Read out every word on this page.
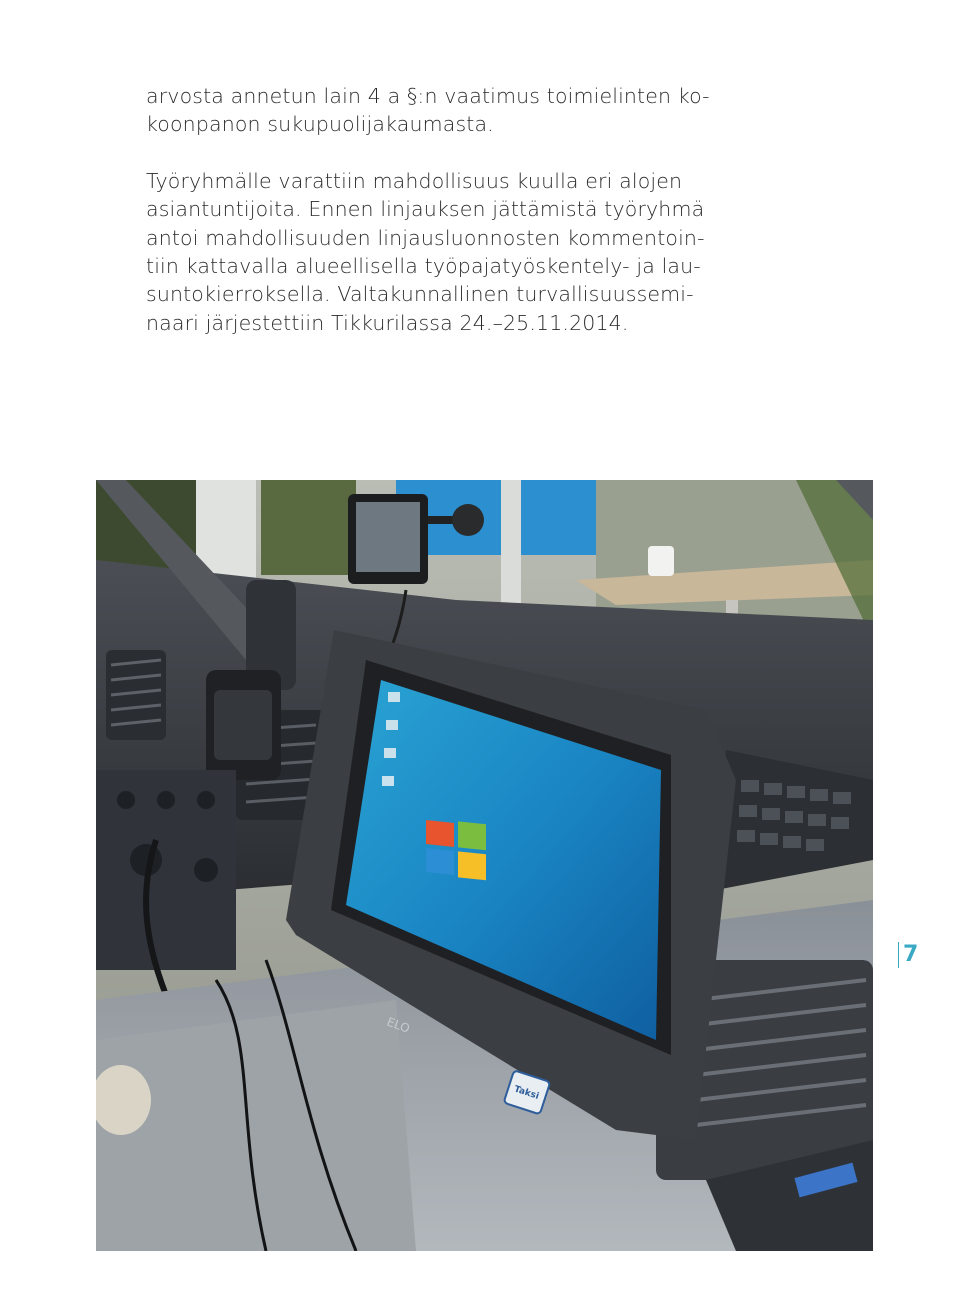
arvosta annetun lain 4 a §:n vaatimus toimielinten ko-

koonpanon sukupuolijakaumasta.

Työryhmälle varattiin mahdollisuus kuulla eri alojen

asiantuntijoita. Ennen linjauksen jättämistä työryhmä

antoi mahdollisuuden linjausluonnosten kommentoin-

tiin kattavalla alueellisella työpajatyöskentely- ja lau-

suntokierroksella. Valtakunnallinen turvallisuussemi-

naari järjestettiin Tikkurilassa 24.–25.11.2014.

ELO
Taksi
7
